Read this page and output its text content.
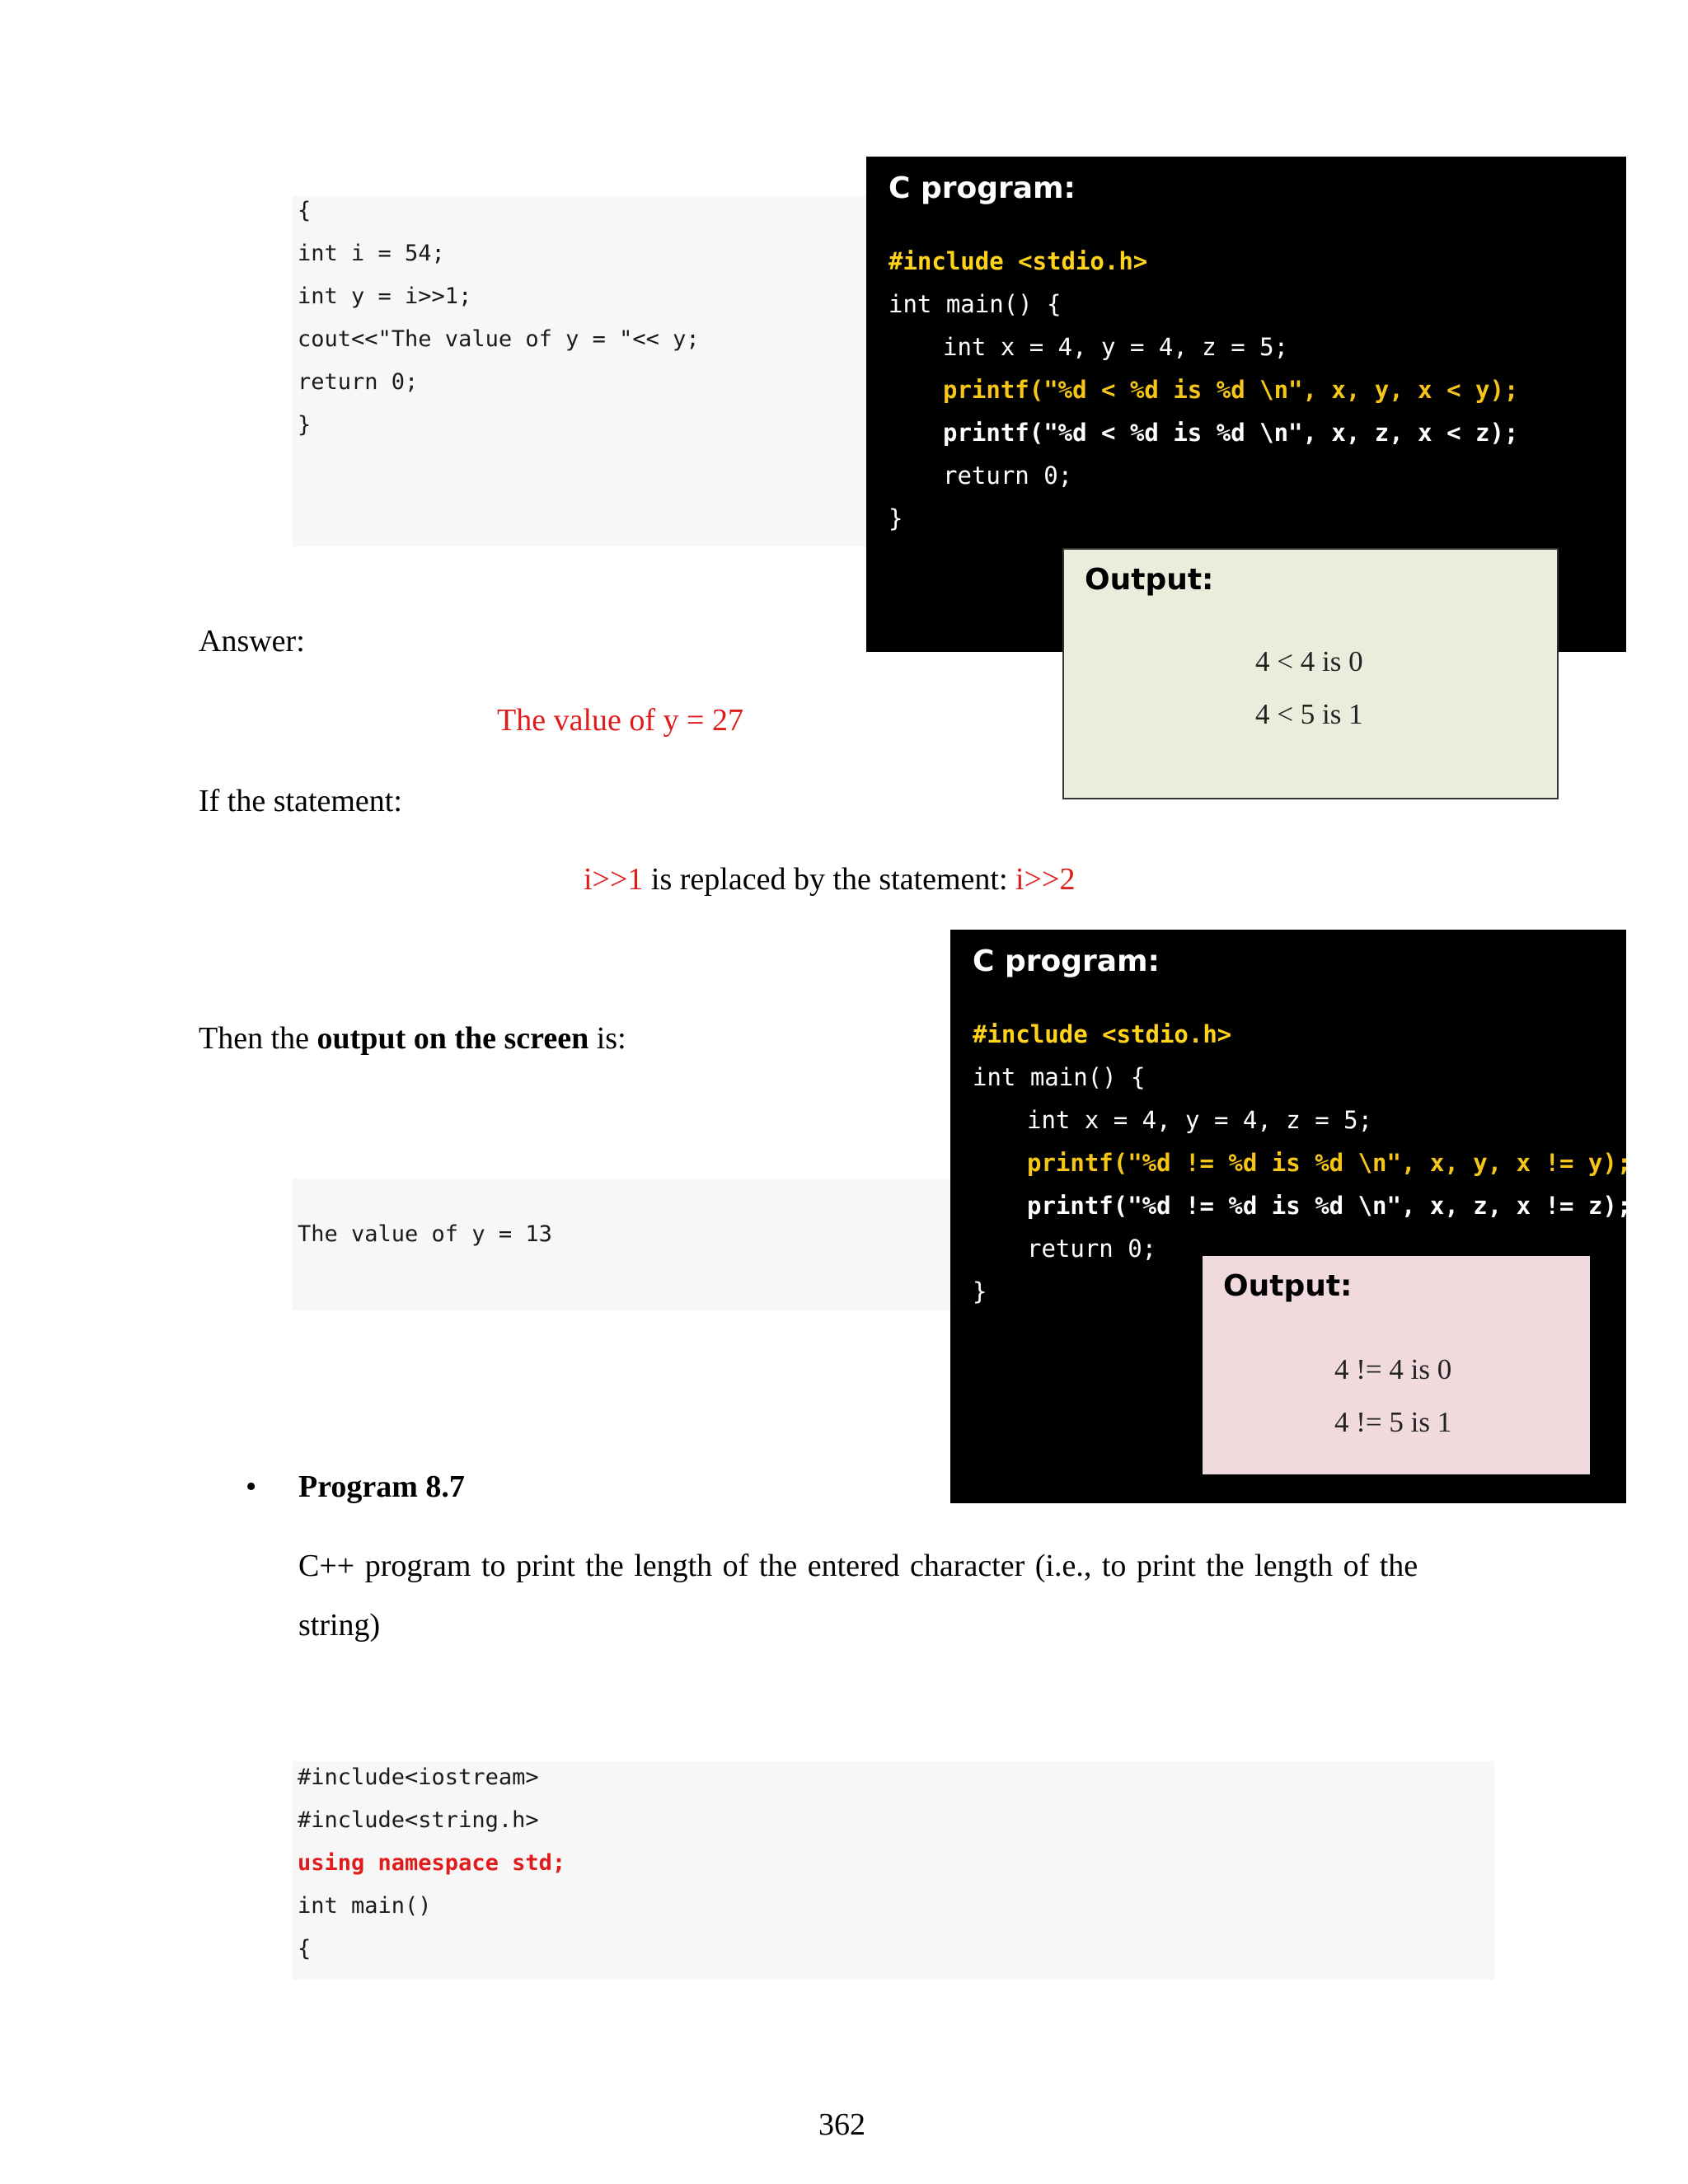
{
int i = 54;
int y = i>>1;
cout<<"The value of y = "<< y;
return 0;
}
Answer:
The value of y = 27
If the statement:
i>>1 is replaced by the statement: i>>2
Then the output on the screen is:
The value of y = 13
• Program 8.7
C++ program to print the length of the entered character (i.e., to print the length of the
string)
#include<iostream>
#include<string.h>
using namespace std;
int main()
{
C program:
#include <stdio.h>
int main() {
int x = 4, y = 4, z = 5;
printf("%d < %d is %d \n", x, y, x < y);
printf("%d < %d is %d \n", x, z, x < z);
return 0;
}
Output:
4 < 4 is 0
4 < 5 is 1
C program:
#include <stdio.h>
int main() {
int x = 4, y = 4, z = 5;
printf("%d != %d is %d \n", x, y, x != y);
printf("%d != %d is %d \n", x, z, x != z);
return 0;
}	Output:
4 != 4 is 0
4 != 5 is 1
362
